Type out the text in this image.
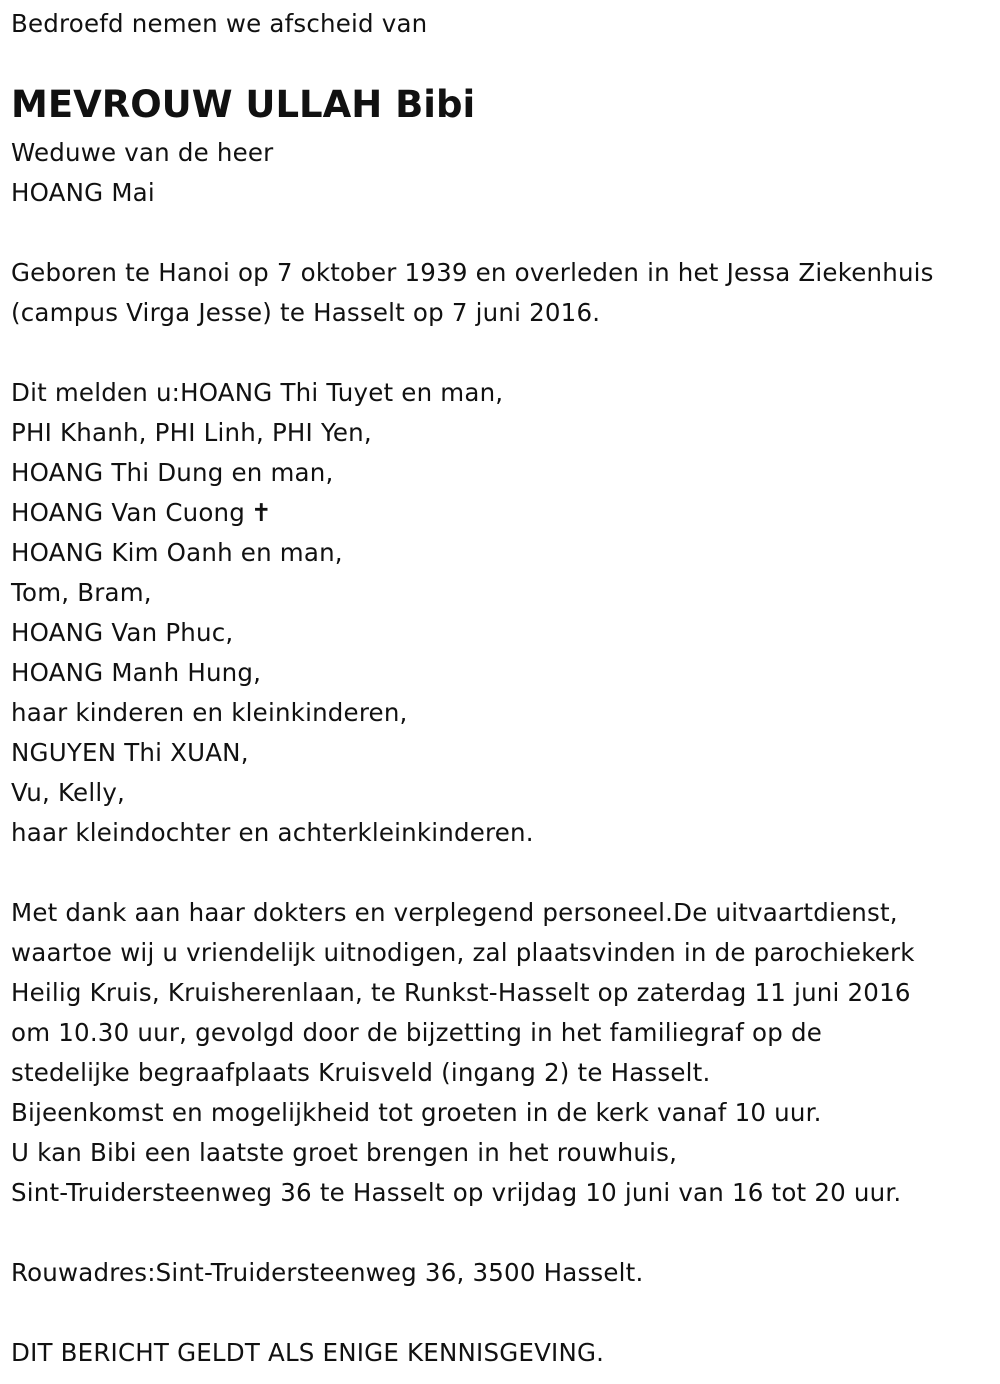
Bedroefd nemen we afscheid van
MEVROUW ULLAH Bibi
Weduwe van de heer
HOANG Mai
Geboren te Hanoi op 7 oktober 1939 en overleden in het Jessa Ziekenhuis
(campus Virga Jesse) te Hasselt op 7 juni 2016.
Dit melden u:HOANG Thi Tuyet en man,
PHI Khanh, PHI Linh, PHI Yen,
HOANG Thi Dung en man,
HOANG Van Cuong ✝
HOANG Kim Oanh en man,
Tom, Bram,
HOANG Van Phuc,
HOANG Manh Hung,
haar kinderen en kleinkinderen,
NGUYEN Thi XUAN,
Vu, Kelly,
haar kleindochter en achterkleinkinderen.
Met dank aan haar dokters en verplegend personeel.De uitvaartdienst,
waartoe wij u vriendelijk uitnodigen, zal plaatsvinden in de parochiekerk
Heilig Kruis, Kruisherenlaan, te Runkst-Hasselt op zaterdag 11 juni 2016
om 10.30 uur, gevolgd door de bijzetting in het familiegraf op de
stedelijke begraafplaats Kruisveld (ingang 2) te Hasselt.
Bijeenkomst en mogelijkheid tot groeten in de kerk vanaf 10 uur.
U kan Bibi een laatste groet brengen in het rouwhuis,
Sint-Truidersteenweg 36 te Hasselt op vrijdag 10 juni van 16 tot 20 uur.
Rouwadres:Sint-Truidersteenweg 36, 3500 Hasselt.
DIT BERICHT GELDT ALS ENIGE KENNISGEVING.
